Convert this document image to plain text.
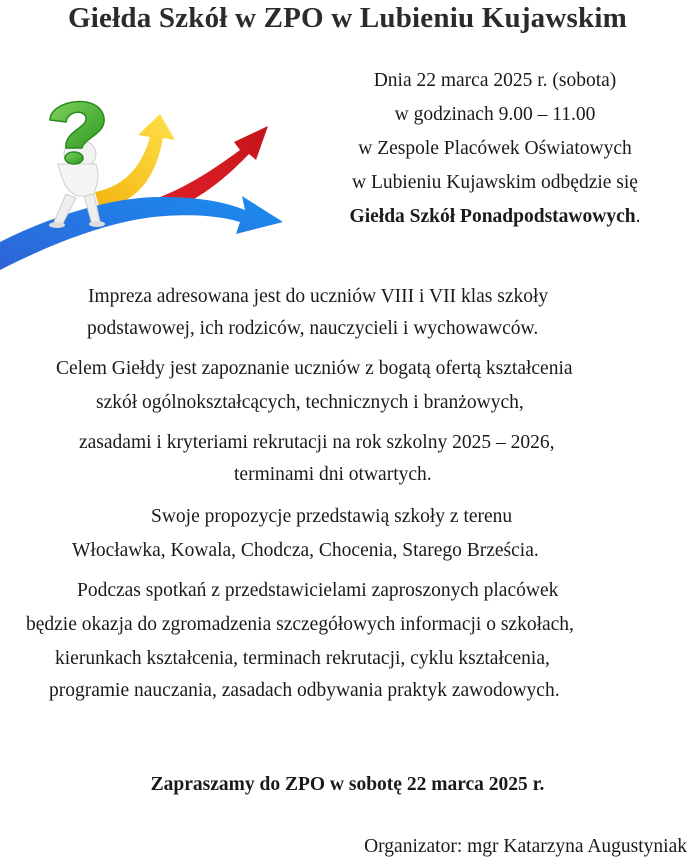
Giełda Szkół w ZPO w Lubieniu Kujawskim
Dnia 22 marca 2025 r. (sobota)
w godzinach 9.00 – 11.00
w Zespole Placówek Oświatowych
w Lubieniu Kujawskim odbędzie się
Giełda Szkół Ponadpodstawowych.
Impreza adresowana jest do uczniów VIII i VII klas szkoły
podstawowej, ich rodziców, nauczycieli i wychowawców.
Celem Giełdy jest zapoznanie uczniów z bogatą ofertą kształcenia
szkół ogólnokształcących, technicznych i branżowych,
zasadami i kryteriami rekrutacji na rok szkolny 2025 – 2026,
terminami dni otwartych.
Swoje propozycje przedstawią szkoły z terenu
Włocławka, Kowala, Chodcza, Chocenia, Starego Brześcia.
Podczas spotkań z przedstawicielami zaproszonych placówek
będzie okazja do zgromadzenia szczegółowych informacji o szkołach,
kierunkach kształcenia, terminach rekrutacji, cyklu kształcenia,
programie nauczania, zasadach odbywania praktyk zawodowych.
Zapraszamy do ZPO w sobotę 22 marca 2025 r.
Organizator: mgr Katarzyna Augustyniak
